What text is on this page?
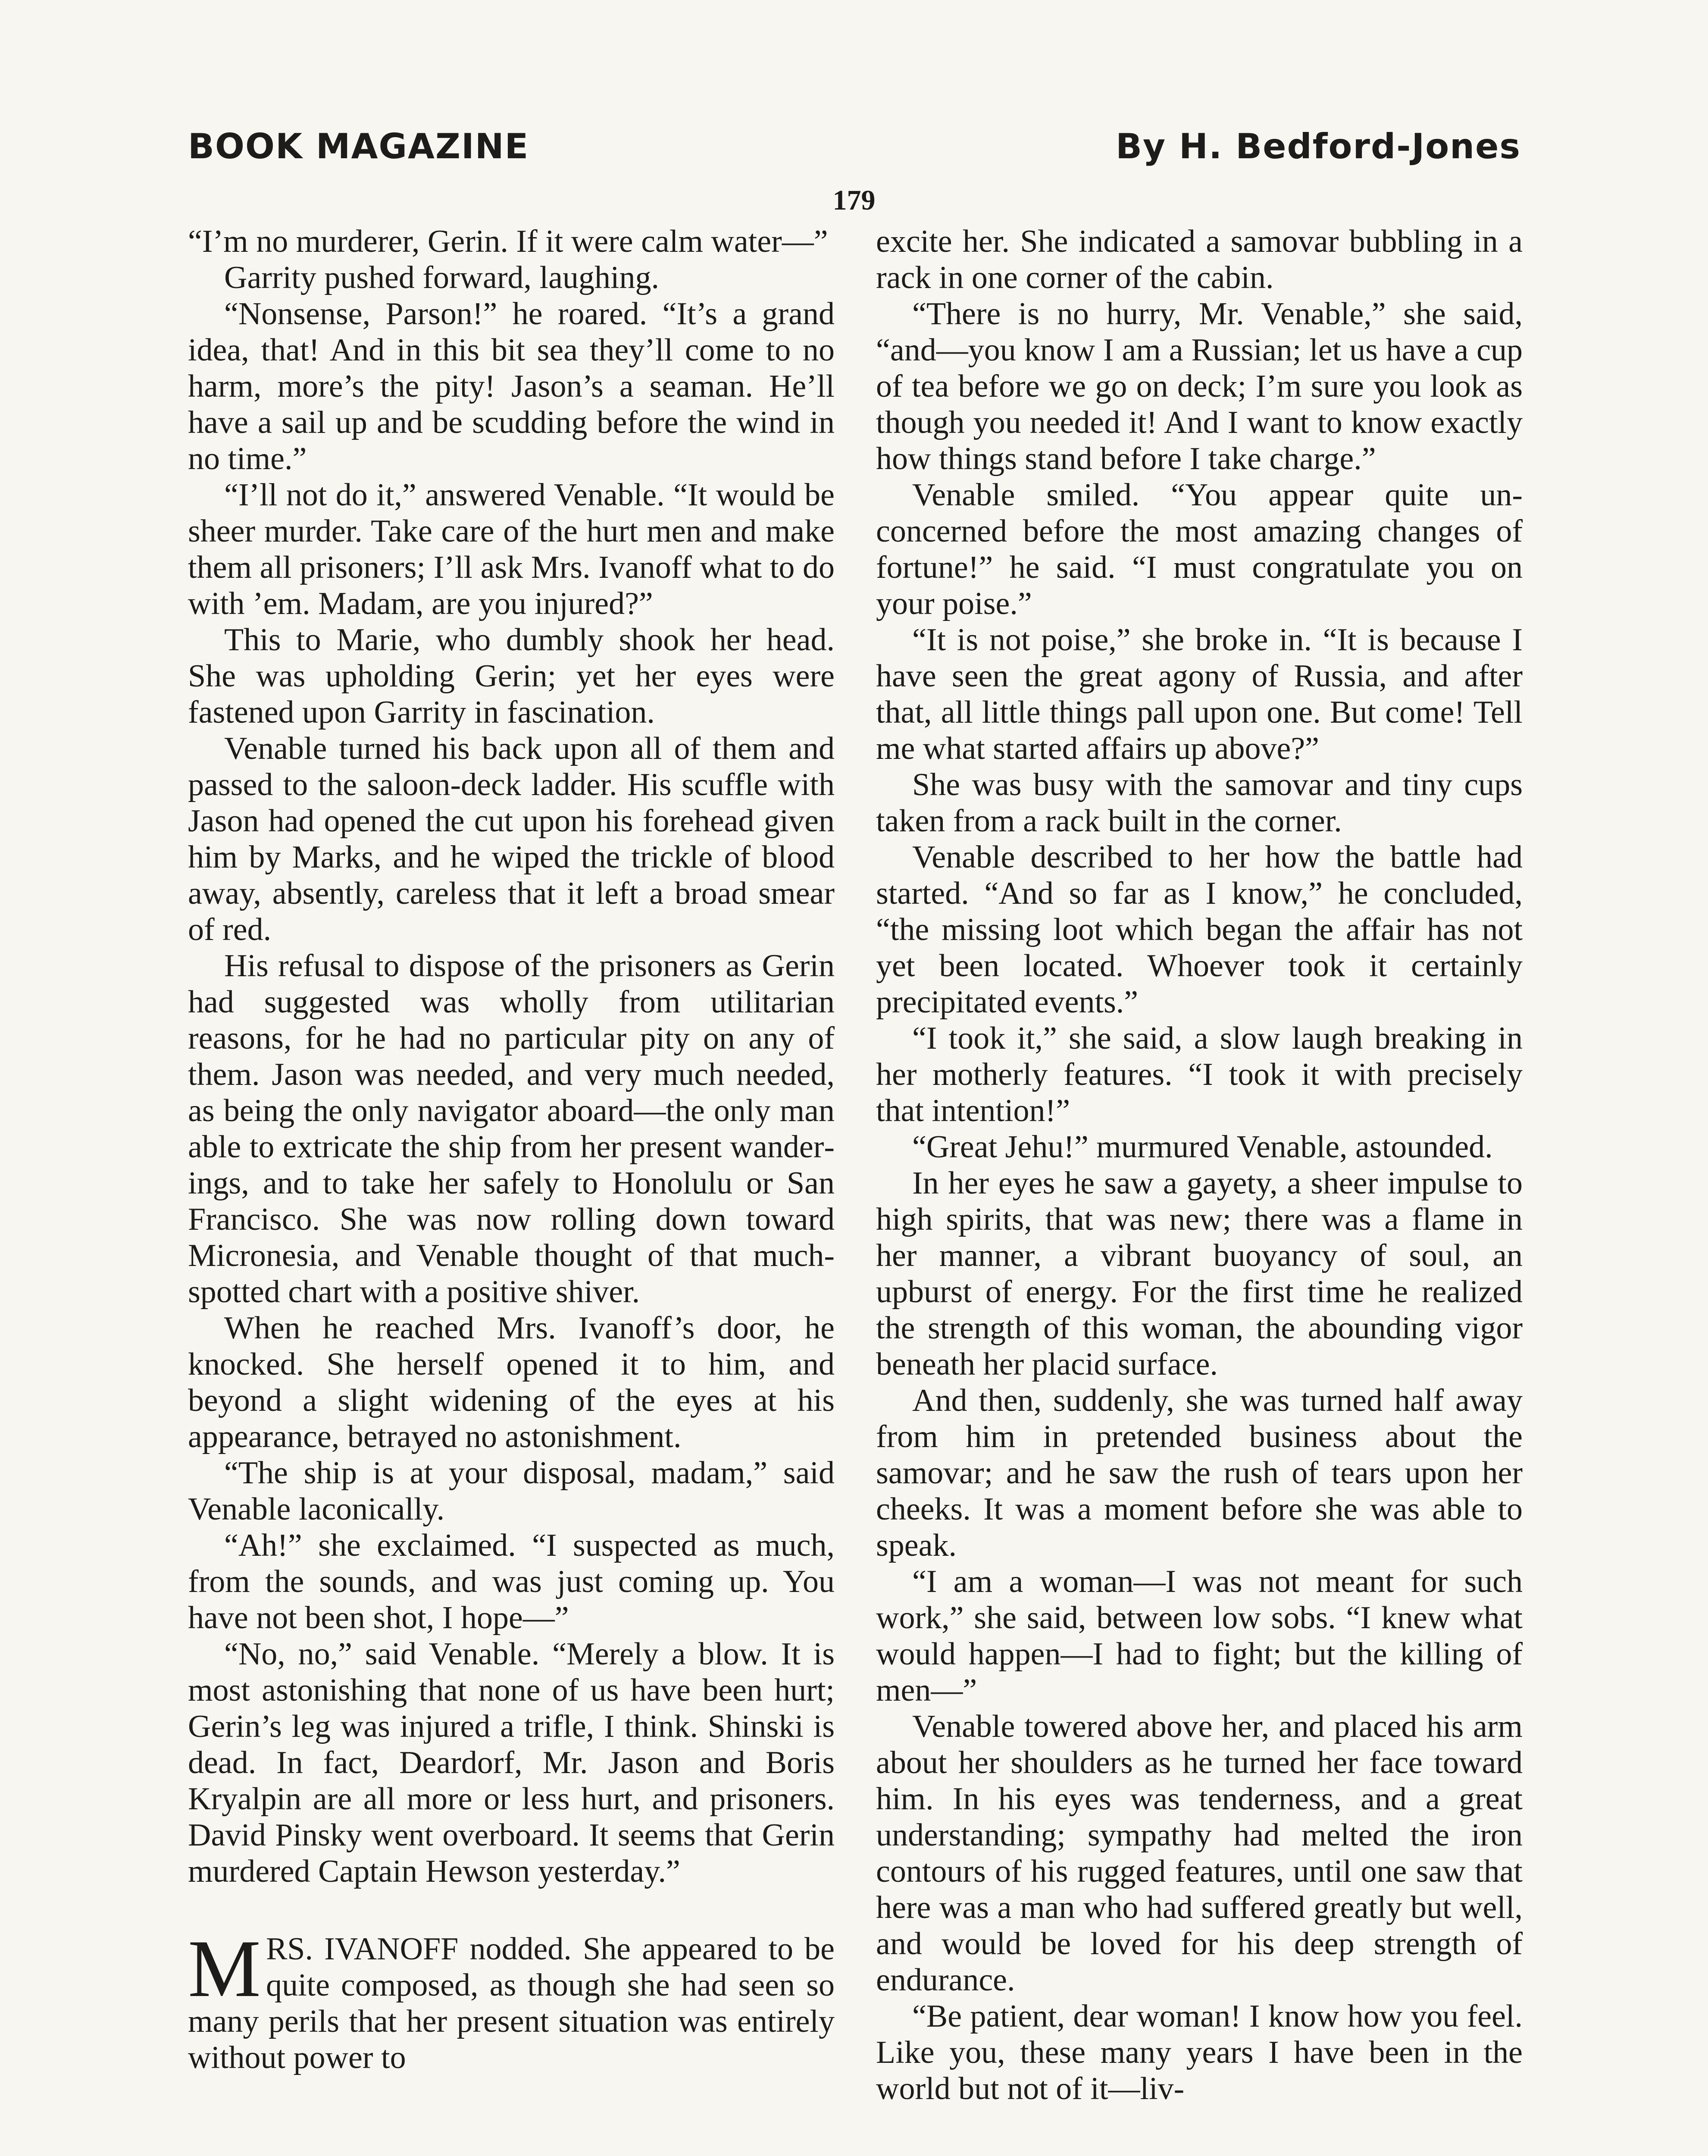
BOOK MAGAZINE	By H. Bedford-Jones
179

“I’m no murderer, Gerin. If it were calm water—”

Garrity pushed forward, laughing.

“Nonsense, Parson!” he roared. “It’s a grand idea, that! And in this bit sea they’ll come to no harm, more’s the pity! Jason’s a seaman. He’ll have a sail up and be scudding before the wind in no time.”

“I’ll not do it,” answered Venable. “It would be sheer murder. Take care of the hurt men and make them all prisoners; I’ll ask Mrs. Ivanoff what to do with ’em. Madam, are you injured?”

This to Marie, who dumbly shook her head. She was upholding Gerin; yet her eyes were fastened upon Garrity in fascination.

Venable turned his back upon all of them and passed to the saloon-deck ladder. His scuffle with Jason had opened the cut upon his forehead given him by Marks, and he wiped the trickle of blood away, absently, careless that it left a broad smear of red.

His refusal to dispose of the prisoners as Gerin had suggested was wholly from utilitarian reasons, for he had no particular pity on any of them. Jason was needed, and very much needed, as being the only navigator aboard—the only man able to extricate the ship from her present wanderings, and to take her safely to Honolulu or San Francisco. She was now rolling down toward Micronesia, and Venable thought of that much-spotted chart with a positive shiver.

When he reached Mrs. Ivanoff’s door, he knocked. She herself opened it to him, and beyond a slight widening of the eyes at his appearance, betrayed no astonishment.

“The ship is at your disposal, madam,” said Venable laconically.

“Ah!” she exclaimed. “I suspected as much, from the sounds, and was just coming up. You have not been shot, I hope—”

“No, no,” said Venable. “Merely a blow. It is most astonishing that none of us have been hurt; Gerin’s leg was injured a trifle, I think. Shinski is dead. In fact, Deardorf, Mr. Jason and Boris Kryalpin are all more or less hurt, and prisoners. David Pinsky went overboard. It seems that Gerin murdered Captain Hewson yesterday.”

MRS. IVANOFF nodded. She appeared to be quite composed, as though she had seen so many perils that her present situation was entirely without power to

excite her. She indicated a samovar bubbling in a rack in one corner of the cabin.

“There is no hurry, Mr. Venable,” she said, “and—you know I am a Russian; let us have a cup of tea before we go on deck; I’m sure you look as though you needed it! And I want to know exactly how things stand before I take charge.”

Venable smiled. “You appear quite unconcerned before the most amazing changes of fortune!” he said. “I must congratulate you on your poise.”

“It is not poise,” she broke in. “It is because I have seen the great agony of Russia, and after that, all little things pall upon one. But come! Tell me what started affairs up above?”

She was busy with the samovar and tiny cups taken from a rack built in the corner.

Venable described to her how the battle had started. “And so far as I know,” he concluded, “the missing loot which began the affair has not yet been located. Whoever took it certainly precipitated events.”

“I took it,” she said, a slow laugh breaking in her motherly features. “I took it with precisely that intention!”

“Great Jehu!” murmured Venable, astounded.

In her eyes he saw a gayety, a sheer impulse to high spirits, that was new; there was a flame in her manner, a vibrant buoyancy of soul, an upburst of energy. For the first time he realized the strength of this woman, the abounding vigor beneath her placid surface.

And then, suddenly, she was turned half away from him in pretended business about the samovar; and he saw the rush of tears upon her cheeks. It was a moment before she was able to speak.

“I am a woman—I was not meant for such work,” she said, between low sobs. “I knew what would happen—I had to fight; but the killing of men—”

Venable towered above her, and placed his arm about her shoulders as he turned her face toward him. In his eyes was tenderness, and a great understanding; sympathy had melted the iron contours of his rugged features, until one saw that here was a man who had suffered greatly but well, and would be loved for his deep strength of endurance.

“Be patient, dear woman! I know how you feel. Like you, these many years I have been in the world but not of it—liv-
